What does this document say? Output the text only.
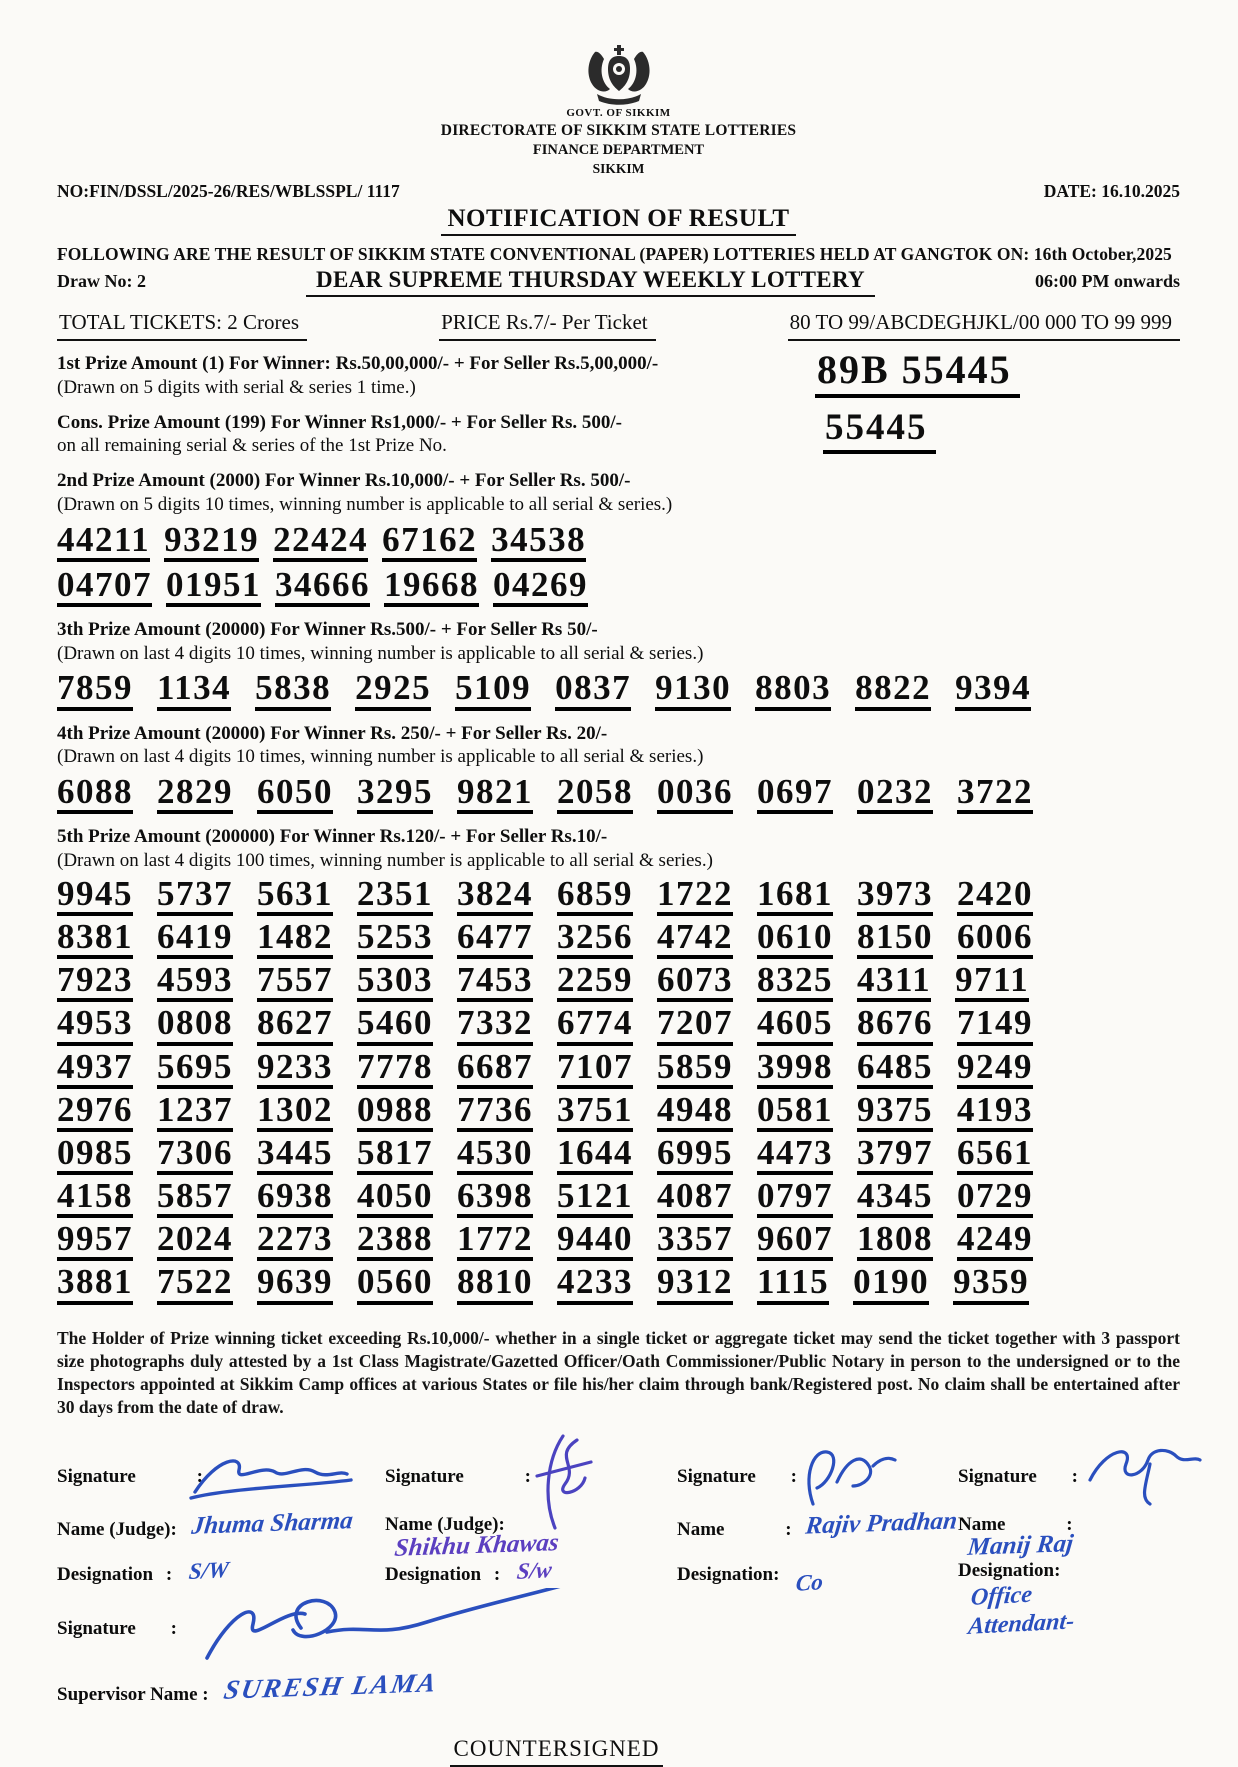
GOVT. OF SIKKIM
DIRECTORATE OF SIKKIM STATE LOTTERIES
FINANCE DEPARTMENT
SIKKIM
NO:FIN/DSSL/2025-26/RES/WBLSSPL/ 1117	DATE: 16.10.2025
NOTIFICATION OF RESULT
FOLLOWING ARE THE RESULT OF SIKKIM STATE CONVENTIONAL (PAPER) LOTTERIES HELD AT GANGTOK ON: 16th October,2025
Draw No: 2	DEAR SUPREME THURSDAY WEEKLY LOTTERY	06:00 PM onwards
TOTAL TICKETS: 2 Crores	PRICE Rs.7/- Per Ticket	80 TO 99/ABCDEGHJKL/00 000 TO 99 999
1st Prize Amount (1) For Winner: Rs.50,00,000/- + For Seller Rs.5,00,000/-
(Drawn on 5 digits with serial & series 1 time.)	89B 55445
Cons. Prize Amount (199) For Winner Rs1,000/- + For Seller Rs. 500/-
on all remaining serial & series of the 1st Prize No.	55445
2nd Prize Amount (2000) For Winner Rs.10,000/- + For Seller Rs. 500/-
(Drawn on 5 digits 10 times, winning number is applicable to all serial & series.)
44211 93219 22424 67162 34538
04707 01951 34666 19668 04269
3th Prize Amount (20000) For Winner Rs.500/- + For Seller Rs 50/-
(Drawn on last 4 digits 10 times, winning number is applicable to all serial & series.)
7859 1134 5838 2925 5109 0837 9130 8803 8822 9394
4th Prize Amount (20000) For Winner Rs. 250/- + For Seller Rs. 20/-
(Drawn on last 4 digits 10 times, winning number is applicable to all serial & series.)
6088 2829 6050 3295 9821 2058 0036 0697 0232 3722
5th Prize Amount (200000) For Winner Rs.120/- + For Seller Rs.10/-
(Drawn on last 4 digits 100 times, winning number is applicable to all serial & series.)
9945 5737 5631 2351 3824 6859 1722 1681 3973 2420
8381 6419 1482 5253 6477 3256 4742 0610 8150 6006
7923 4593 7557 5303 7453 2259 6073 8325 4311 9711
4953 0808 8627 5460 7332 6774 7207 4605 8676 7149
4937 5695 9233 7778 6687 7107 5859 3998 6485 9249
2976 1237 1302 0988 7736 3751 4948 0581 9375 4193
0985 7306 3445 5817 4530 1644 6995 4473 3797 6561
4158 5857 6938 4050 6398 5121 4087 0797 4345 0729
9957 2024 2273 2388 1772 9440 3357 9607 1808 4249
3881 7522 9639 0560 8810 4233 9312 1115 0190 9359
The Holder of Prize winning ticket exceeding Rs.10,000/- whether in a single ticket or aggregate ticket may send the ticket together with 3 passport size photographs duly attested by a 1st Class Magistrate/Gazetted Officer/Oath Commissioner/Public Notary in person to the undersigned or to the Inspectors appointed at Sikkim Camp offices at various States or file his/her claim through bank/Registered post. No claim shall be entertained after 30 days from the date of draw.
Signature :	Signature :	Signature :	Signature :
Name (Judge): Jhuma Sharma	Name (Judge): Shikhu Khawas	Name : Rajiv Pradhan Name : Manij Raj
Designation : S/W	Designation : S/w	Designation: Co	Designation: Office Attendant-
Signature :
Supervisor Name : SURESH LAMA
COUNTERSIGNED
